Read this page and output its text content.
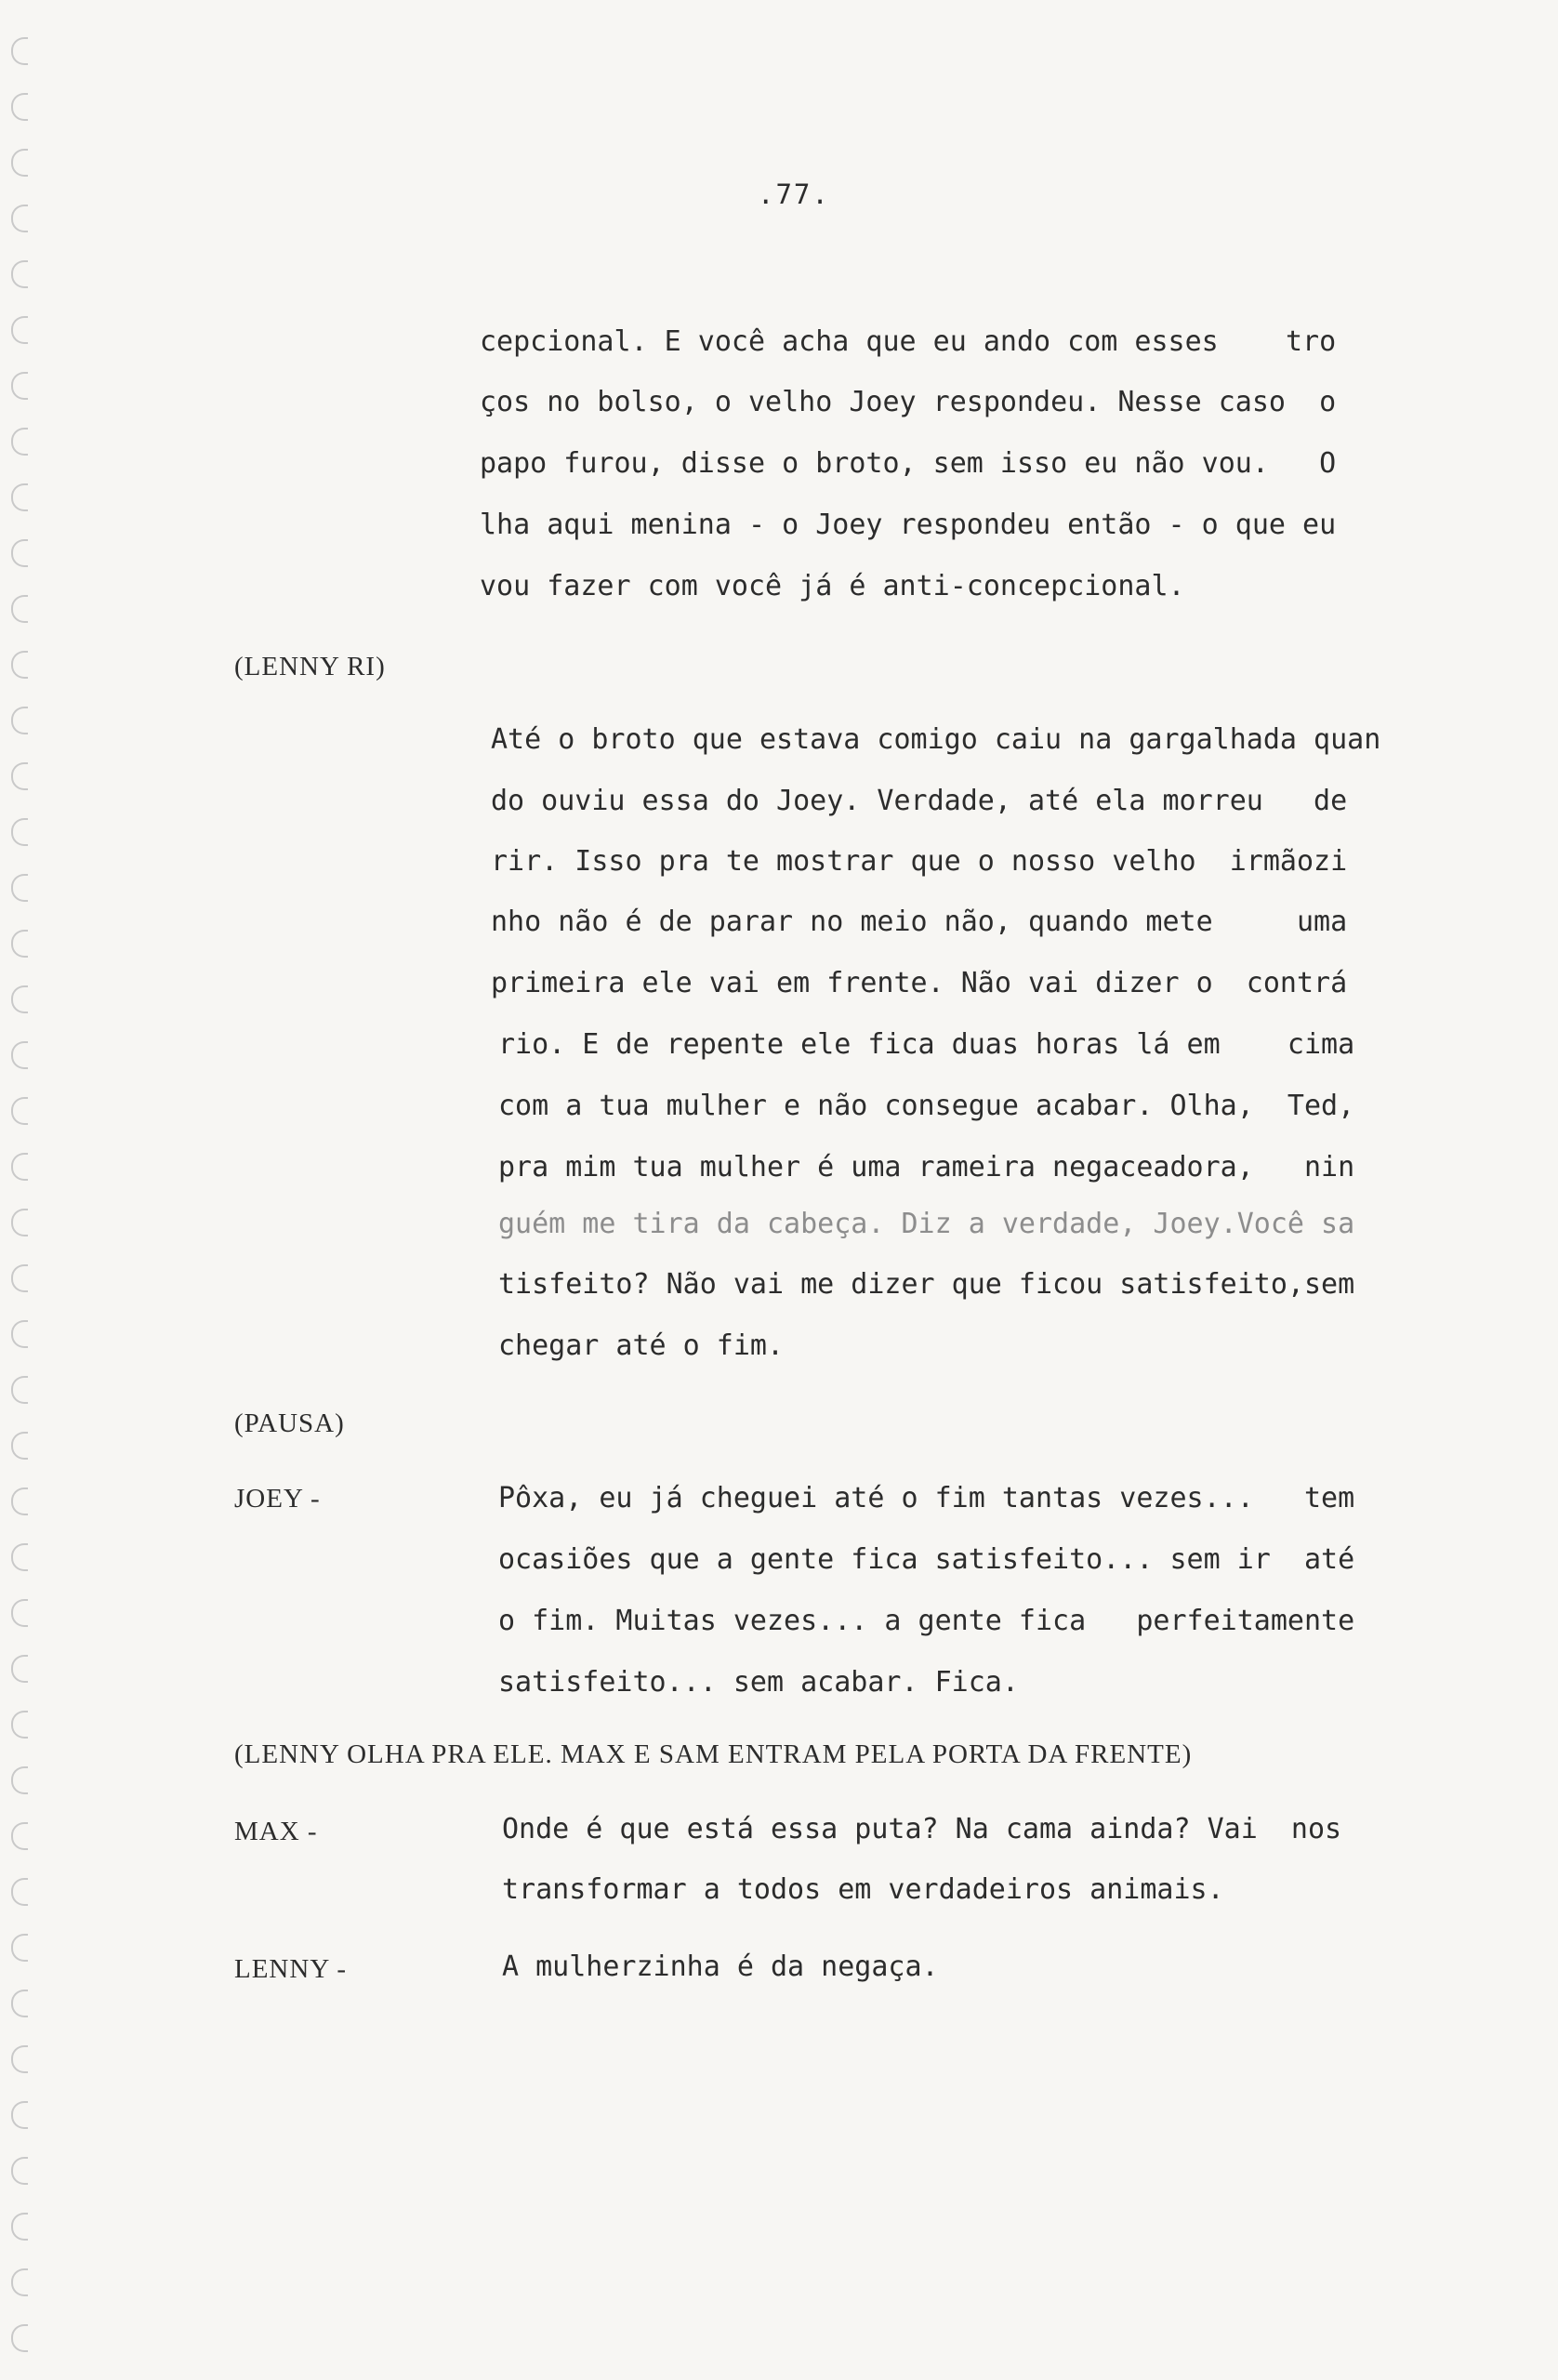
.77.
cepcional. E você acha que eu ando com esses    tro
ços no bolso, o velho Joey respondeu. Nesse caso  o
papo furou, disse o broto, sem isso eu não vou.   O
lha aqui menina - o Joey respondeu então - o que eu
vou fazer com você já é anti-concepcional.
(LENNY RI)
Até o broto que estava comigo caiu na gargalhada quan
do ouviu essa do Joey. Verdade, até ela morreu   de
rir. Isso pra te mostrar que o nosso velho  irmãozi
nho não é de parar no meio não, quando mete     uma
primeira ele vai em frente. Não vai dizer o  contrá
rio. E de repente ele fica duas horas lá em    cima
com a tua mulher e não consegue acabar. Olha,  Ted,
pra mim tua mulher é uma rameira negaceadora,   nin
guém me tira da cabeça. Diz a verdade, Joey.Você sa
tisfeito? Não vai me dizer que ficou satisfeito,sem
chegar até o fim.
(PAUSA)
JOEY -	Pôxa, eu já cheguei até o fim tantas vezes...   tem
ocasiões que a gente fica satisfeito... sem ir  até
o fim. Muitas vezes... a gente fica   perfeitamente
satisfeito... sem acabar. Fica.
(LENNY OLHA PRA ELE. MAX E SAM ENTRAM PELA PORTA DA FRENTE)
MAX -	Onde é que está essa puta? Na cama ainda? Vai  nos
transformar a todos em verdadeiros animais.
LENNY -	A mulherzinha é da negaça.
